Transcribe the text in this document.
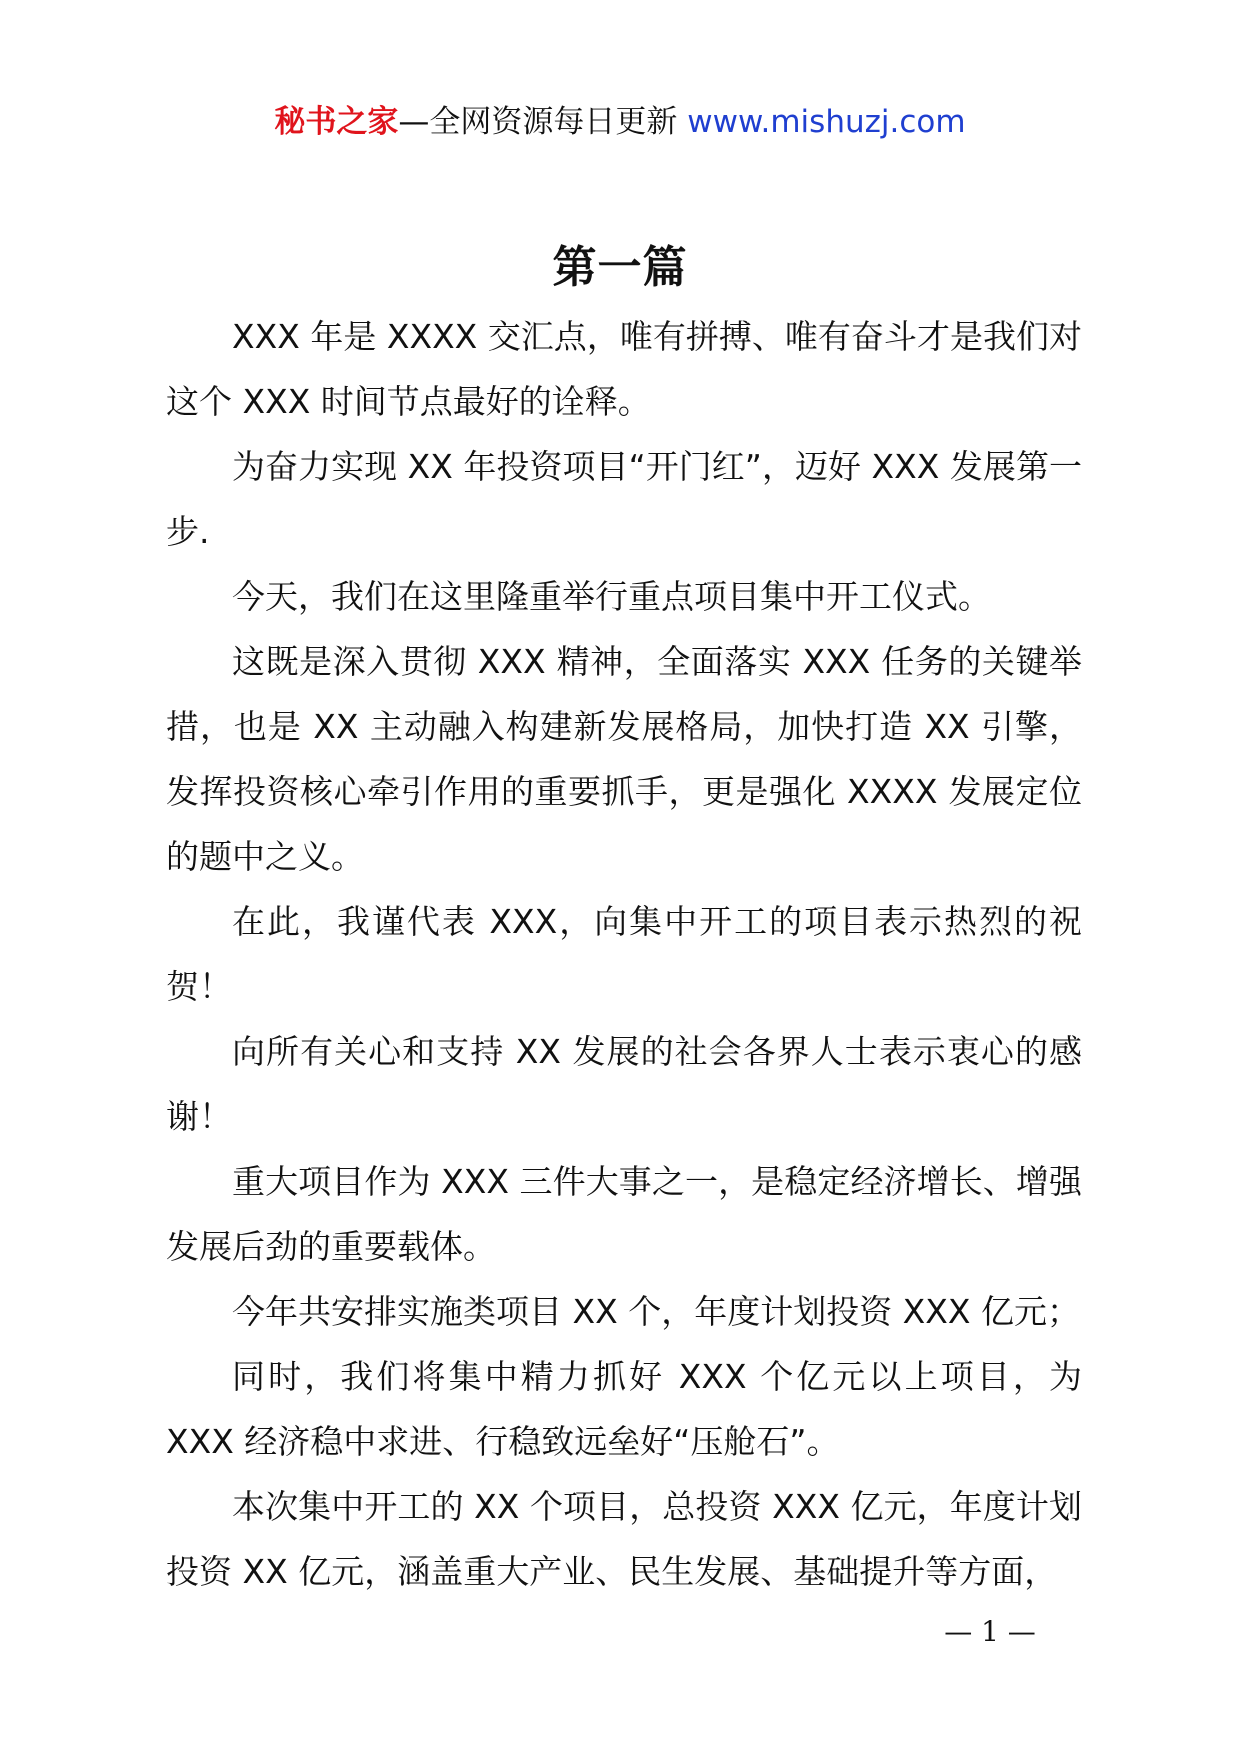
秘书之家—全网资源每日更新 www.mishuzj.com
第一篇

XXX 年是 XXXX 交汇点，唯有拼搏、唯有奋斗才是我们对这个 XXX 时间节点最好的诠释。

为奋力实现 XX 年投资项目“开门红”，迈好 XXX 发展第一步.

今天，我们在这里隆重举行重点项目集中开工仪式。

这既是深入贯彻 XXX 精神，全面落实 XXX 任务的关键举措，也是 XX 主动融入构建新发展格局，加快打造 XX 引擎，发挥投资核心牵引作用的重要抓手，更是强化 XXXX 发展定位的题中之义。

在此，我谨代表 XXX，向集中开工的项目表示热烈的祝贺！

向所有关心和支持 XX 发展的社会各界人士表示衷心的感谢！

重大项目作为 XXX 三件大事之一，是稳定经济增长、增强发展后劲的重要载体。

今年共安排实施类项目 XX 个，年度计划投资 XXX 亿元；

同时，我们将集中精力抓好 XXX 个亿元以上项目，为 XXX 经济稳中求进、行稳致远垒好“压舱石”。

本次集中开工的 XX 个项目，总投资 XXX 亿元，年度计划投资 XX 亿元，涵盖重大产业、民生发展、基础提升等方面，

— 1 —
